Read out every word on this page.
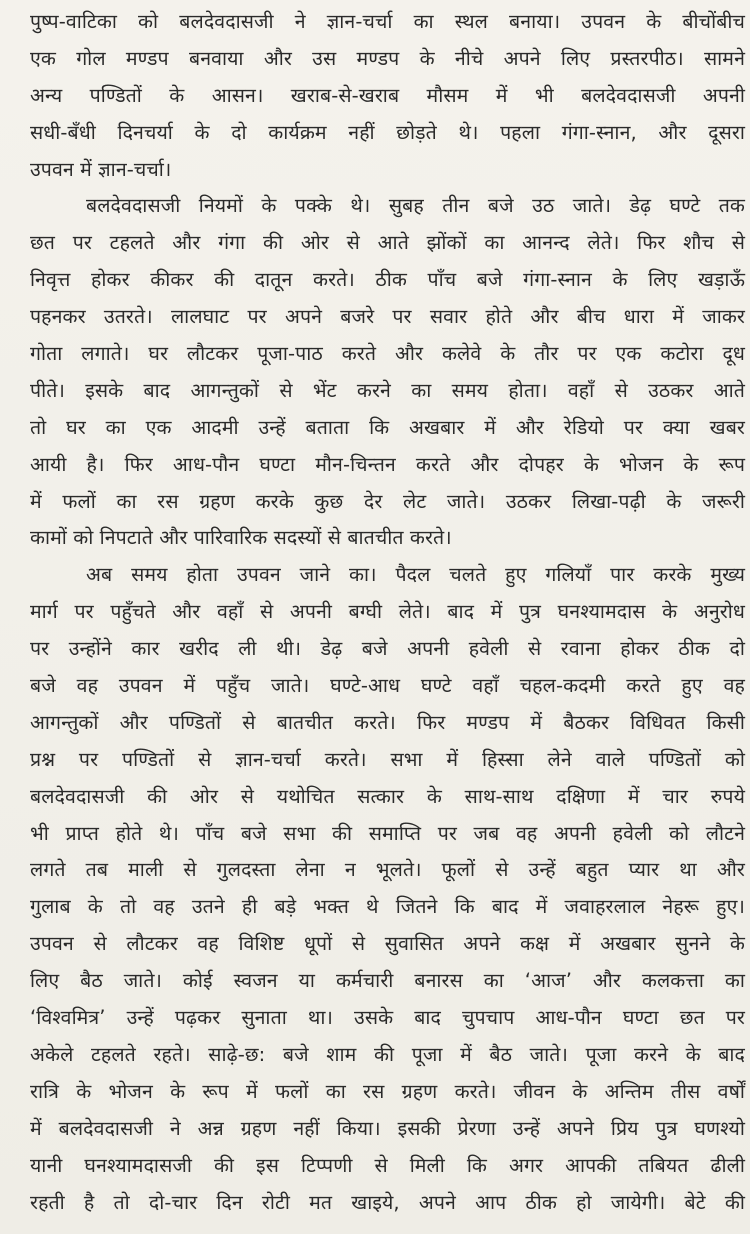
पुष्प-वाटिका को बलदेवदासजी ने ज्ञान-चर्चा का स्थल बनाया। उपवन के बीचोंबीच
एक गोल मण्डप बनवाया और उस मण्डप के नीचे अपने लिए प्रस्तरपीठ। सामने
अन्य पण्डितों के आसन। खराब-से-खराब मौसम में भी बलदेवदासजी अपनी
सधी-बँधी दिनचर्या के दो कार्यक्रम नहीं छोड़ते थे। पहला गंगा-स्नान, और दूसरा
उपवन में ज्ञान-चर्चा।

बलदेवदासजी नियमों के पक्के थे। सुबह तीन बजे उठ जाते। डेढ़ घण्टे तक
छत पर टहलते और गंगा की ओर से आते झोंकों का आनन्द लेते। फिर शौच से
निवृत्त होकर कीकर की दातून करते। ठीक पाँच बजे गंगा-स्नान के लिए खड़ाऊँ
पहनकर उतरते। लालघाट पर अपने बजरे पर सवार होते और बीच धारा में जाकर
गोता लगाते। घर लौटकर पूजा-पाठ करते और कलेवे के तौर पर एक कटोरा दूध
पीते। इसके बाद आगन्तुकों से भेंट करने का समय होता। वहाँ से उठकर आते
तो घर का एक आदमी उन्हें बताता कि अखबार में और रेडियो पर क्या खबर
आयी है। फिर आध-पौन घण्टा मौन-चिन्तन करते और दोपहर के भोजन के रूप
में फलों का रस ग्रहण करके कुछ देर लेट जाते। उठकर लिखा-पढ़ी के जरूरी
कामों को निपटाते और पारिवारिक सदस्यों से बातचीत करते।

अब समय होता उपवन जाने का। पैदल चलते हुए गलियाँ पार करके मुख्य
मार्ग पर पहुँचते और वहाँ से अपनी बग्घी लेते। बाद में पुत्र घनश्यामदास के अनुरोध
पर उन्होंने कार खरीद ली थी। डेढ़ बजे अपनी हवेली से रवाना होकर ठीक दो
बजे वह उपवन में पहुँच जाते। घण्टे-आध घण्टे वहाँ चहल-कदमी करते हुए वह
आगन्तुकों और पण्डितों से बातचीत करते। फिर मण्डप में बैठकर विधिवत किसी
प्रश्न पर पण्डितों से ज्ञान-चर्चा करते। सभा में हिस्सा लेने वाले पण्डितों को
बलदेवदासजी की ओर से यथोचित सत्कार के साथ-साथ दक्षिणा में चार रुपये
भी प्राप्त होते थे। पाँच बजे सभा की समाप्ति पर जब वह अपनी हवेली को लौटने
लगते तब माली से गुलदस्ता लेना न भूलते। फूलों से उन्हें बहुत प्यार था और
गुलाब के तो वह उतने ही बड़े भक्त थे जितने कि बाद में जवाहरलाल नेहरू हुए।
उपवन से लौटकर वह विशिष्ट धूपों से सुवासित अपने कक्ष में अखबार सुनने के
लिए बैठ जाते। कोई स्वजन या कर्मचारी बनारस का ‘आज’ और कलकत्ता का
‘विश्वमित्र’ उन्हें पढ़कर सुनाता था। उसके बाद चुपचाप आध-पौन घण्टा छत पर
अकेले टहलते रहते। साढ़े-छ: बजे शाम की पूजा में बैठ जाते। पूजा करने के बाद
रात्रि के भोजन के रूप में फलों का रस ग्रहण करते। जीवन के अन्तिम तीस वर्षों
में बलदेवदासजी ने अन्न ग्रहण नहीं किया। इसकी प्रेरणा उन्हें अपने प्रिय पुत्र घणश्यो
यानी घनश्यामदासजी की इस टिप्पणी से मिली कि अगर आपकी तबियत ढीली
रहती है तो दो-चार दिन रोटी मत खाइये, अपने आप ठीक हो जायेगी। बेटे की
